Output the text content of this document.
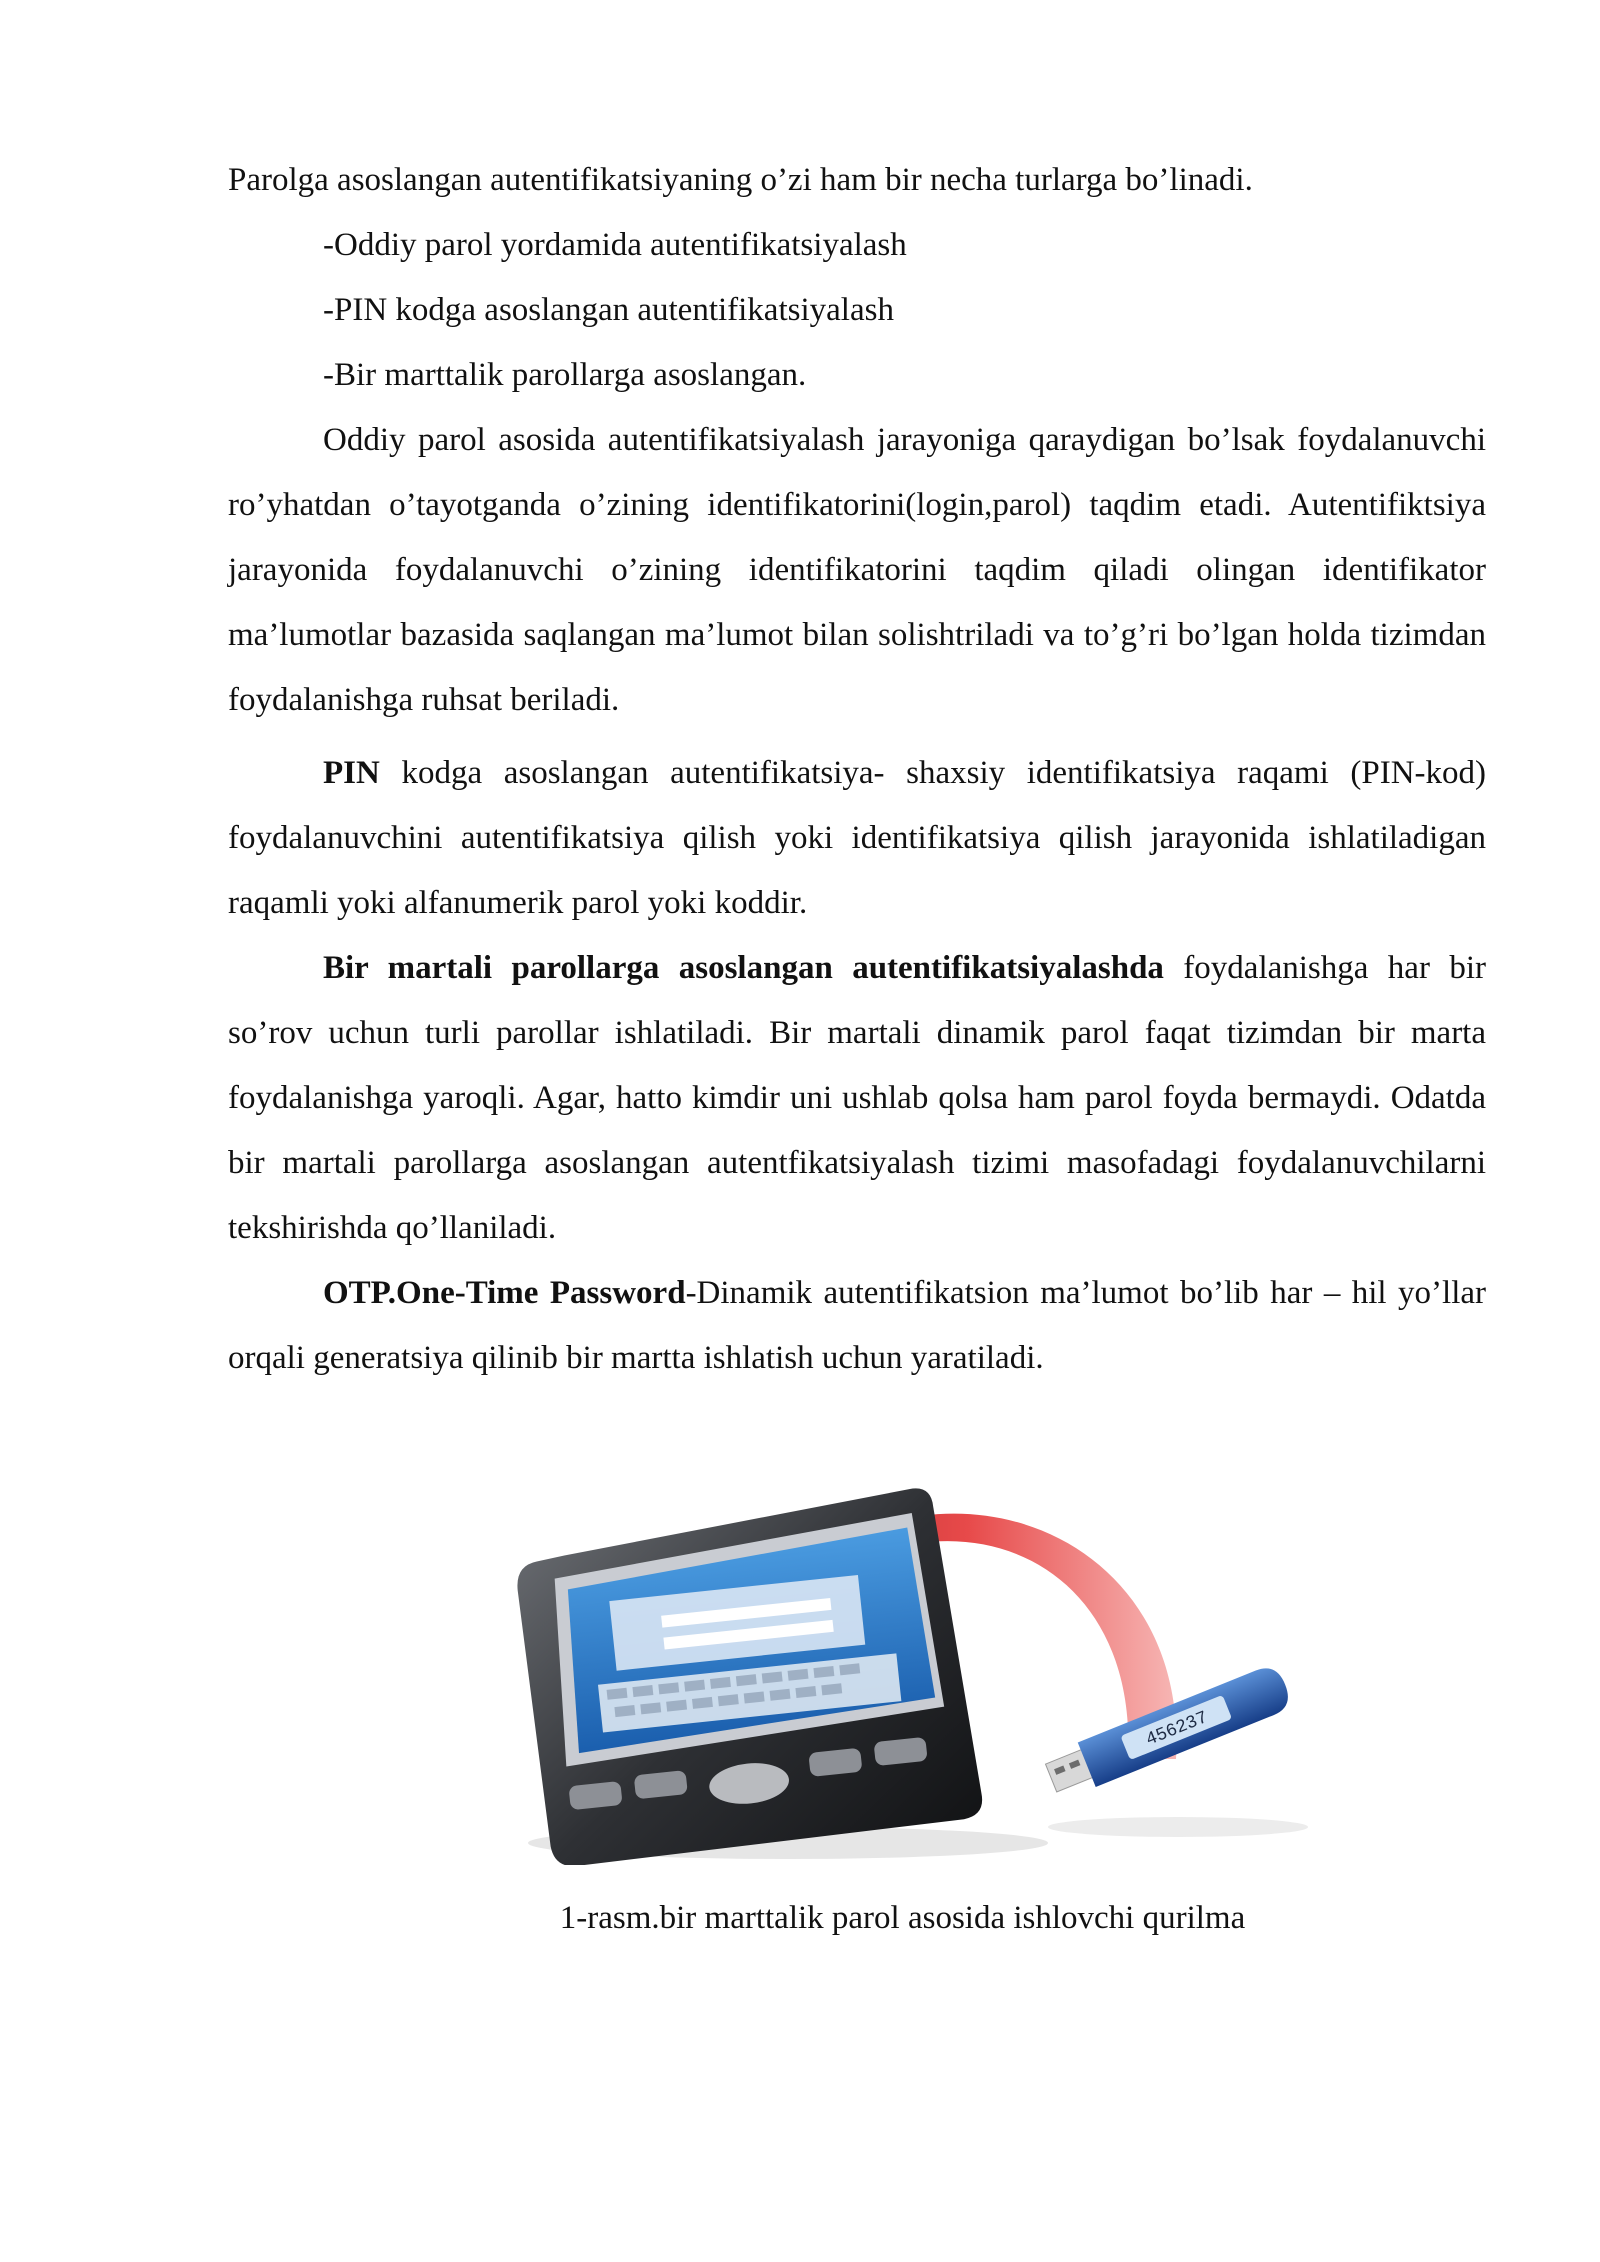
Parolga asoslangan autentifikatsiyaning o’zi ham bir necha turlarga bo’linadi.

-Oddiy parol yordamida autentifikatsiyalash

-PIN kodga asoslangan autentifikatsiyalash

-Bir marttalik parollarga asoslangan.

Oddiy parol asosida autentifikatsiyalash jarayoniga qaraydigan bo’lsak foydalanuvchi ro’yhatdan o’tayotganda o’zining identifikatorini(login,parol) taqdim etadi. Autentifiktsiya jarayonida foydalanuvchi o’zining identifikatorini taqdim qiladi olingan identifikator ma’lumotlar bazasida saqlangan ma’lumot bilan solishtriladi va to’g’ri bo’lgan holda tizimdan foydalanishga ruhsat beriladi.

PIN kodga asoslangan autentifikatsiya- shaxsiy identifikatsiya raqami (PIN-kod) foydalanuvchini autentifikatsiya qilish yoki identifikatsiya qilish jarayonida ishlatiladigan raqamli yoki alfanumerik parol yoki koddir.

Bir martali parollarga asoslangan autentifikatsiyalashda foydalanishga har bir so’rov uchun turli parollar ishlatiladi. Bir martali dinamik parol faqat tizimdan bir marta foydalanishga yaroqli. Agar, hatto kimdir uni ushlab qolsa ham parol foyda bermaydi. Odatda bir martali parollarga asoslangan autentfikatsiyalash tizimi masofadagi foydalanuvchilarni tekshirishda qo’llaniladi.

OTP.One-Time Password-Dinamik autentifikatsion ma’lumot bo’lib har – hil yo’llar orqali generatsiya qilinib bir martta ishlatish uchun yaratiladi.

456237
1-rasm.bir marttalik parol asosida ishlovchi qurilma
